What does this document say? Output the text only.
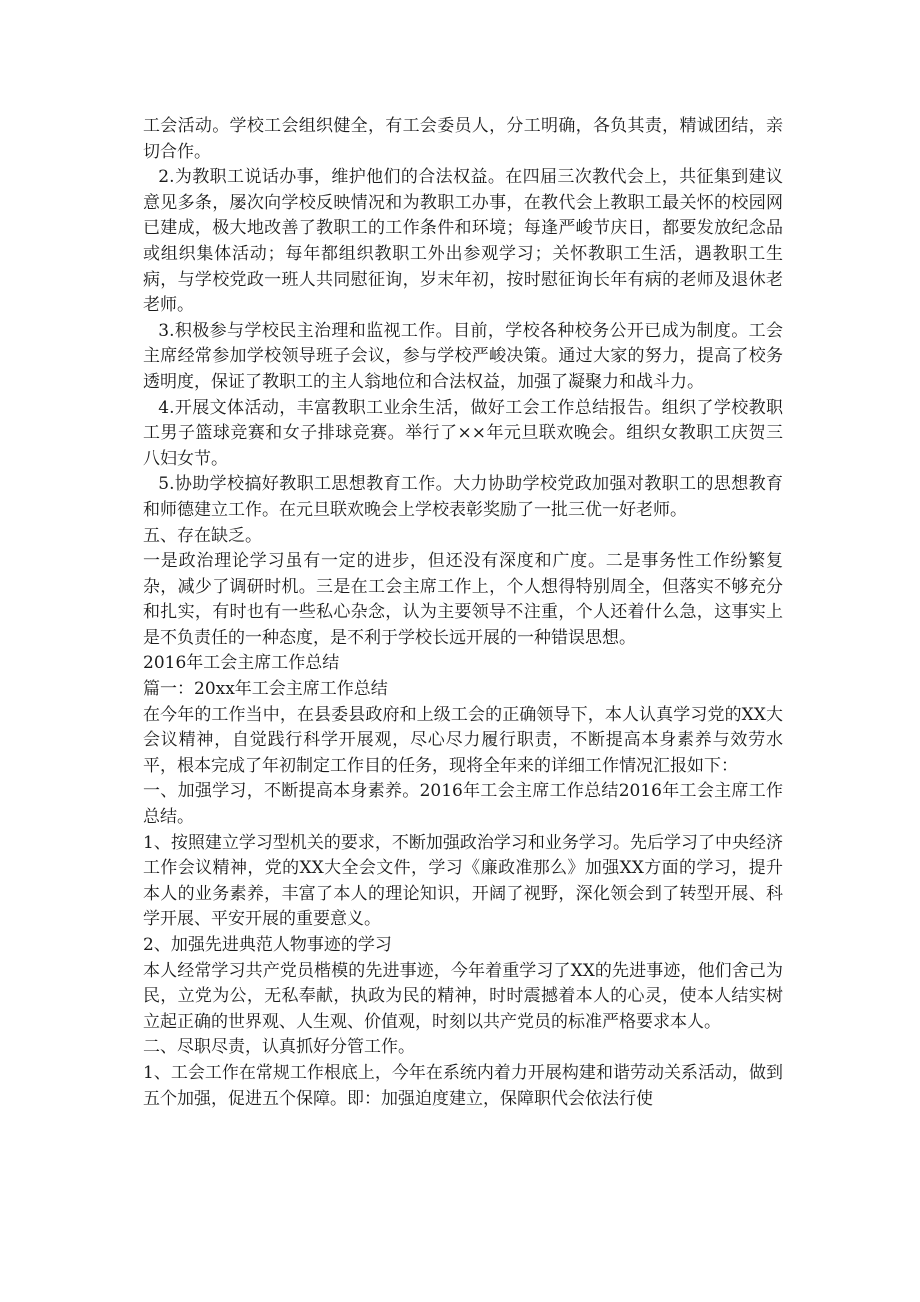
工会活动。学校工会组织健全，有工会委员人，分工明确，各负其责，精诚团结，亲切合作。

2.为教职工说话办事，维护他们的合法权益。在四届三次教代会上，共征集到建议意见多条，屡次向学校反映情况和为教职工办事，在教代会上教职工最关怀的校园网已建成，极大地改善了教职工的工作条件和环境；每逢严峻节庆日，都要发放纪念品或组织集体活动；每年都组织教职工外出参观学习；关怀教职工生活，遇教职工生病，与学校党政一班人共同慰征询，岁末年初，按时慰征询长年有病的老师及退休老老师。

3.积极参与学校民主治理和监视工作。目前，学校各种校务公开已成为制度。工会主席经常参加学校领导班子会议，参与学校严峻决策。通过大家的努力，提高了校务透明度，保证了教职工的主人翁地位和合法权益，加强了凝聚力和战斗力。

4.开展文体活动，丰富教职工业余生活，做好工会工作总结报告。组织了学校教职工男子篮球竞赛和女子排球竞赛。举行了××年元旦联欢晚会。组织女教职工庆贺三八妇女节。

5.协助学校搞好教职工思想教育工作。大力协助学校党政加强对教职工的思想教育和师德建立工作。在元旦联欢晚会上学校表彰奖励了一批三优一好老师。

五、存在缺乏。

一是政治理论学习虽有一定的进步，但还没有深度和广度。二是事务性工作纷繁复杂，减少了调研时机。三是在工会主席工作上，个人想得特别周全，但落实不够充分和扎实，有时也有一些私心杂念，认为主要领导不注重，个人还着什么急，这事实上是不负责任的一种态度，是不利于学校长远开展的一种错误思想。

2016年工会主席工作总结

篇一：20xx年工会主席工作总结

在今年的工作当中，在县委县政府和上级工会的正确领导下，本人认真学习党的XX大会议精神，自觉践行科学开展观，尽心尽力履行职责，不断提高本身素养与效劳水平，根本完成了年初制定工作目的任务，现将全年来的详细工作情况汇报如下：

一、加强学习，不断提高本身素养。2016年工会主席工作总结2016年工会主席工作总结。

1、按照建立学习型机关的要求，不断加强政治学习和业务学习。先后学习了中央经济工作会议精神，党的XX大全会文件，学习《廉政准那么》加强XX方面的学习，提升本人的业务素养，丰富了本人的理论知识，开阔了视野，深化领会到了转型开展、科学开展、平安开展的重要意义。

2、加强先进典范人物事迹的学习

本人经常学习共产党员楷模的先进事迹，今年着重学习了XX的先进事迹，他们舍己为民，立党为公，无私奉献，执政为民的精神，时时震撼着本人的心灵，使本人结实树立起正确的世界观、人生观、价值观，时刻以共产党员的标准严格要求本人。

二、尽职尽责，认真抓好分管工作。

1、工会工作在常规工作根底上，今年在系统内着力开展构建和谐劳动关系活动，做到五个加强，促进五个保障。即：加强迫度建立，保障职代会依法行使
